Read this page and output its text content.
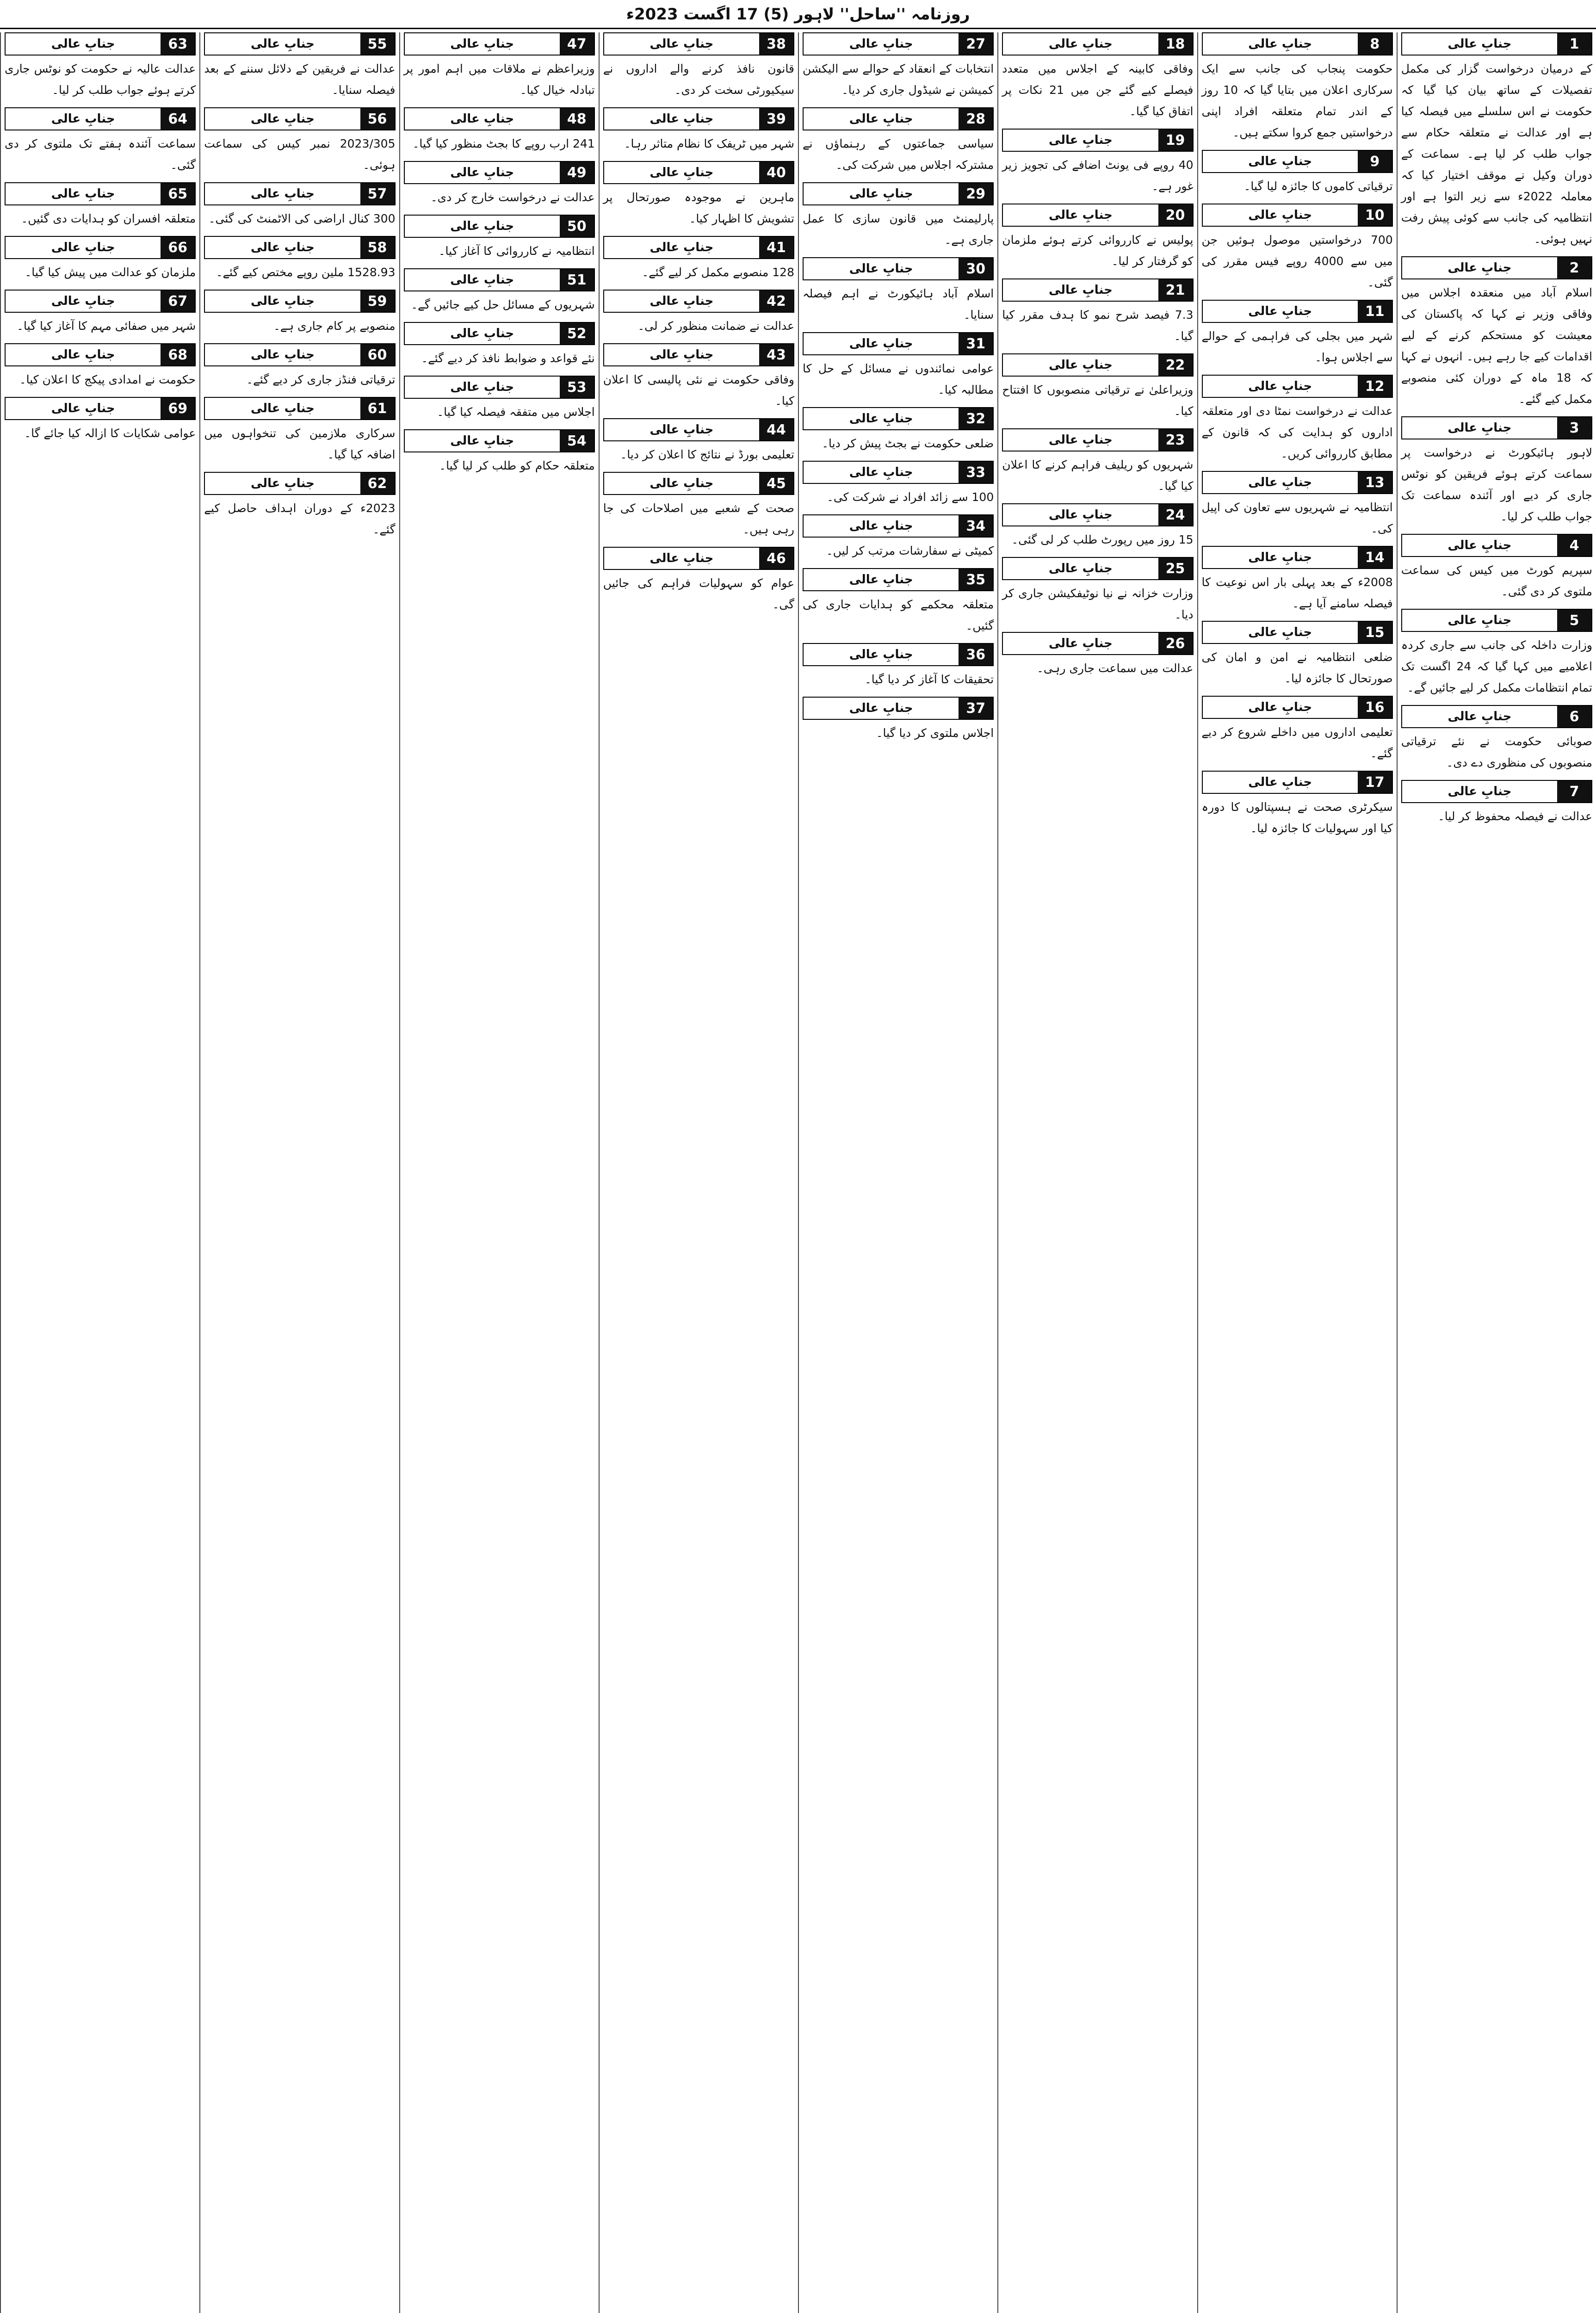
روزنامہ ''ساحل'' لاہور (5) 17 اگست 2023ء
1
جنابِ عالی
کے درمیان درخواست گزار کی مکمل تفصیلات کے ساتھ بیان کیا گیا کہ حکومت نے اس سلسلے میں فیصلہ کیا ہے اور عدالت نے متعلقہ حکام سے جواب طلب کر لیا ہے۔ سماعت کے دوران وکیل نے موقف اختیار کیا کہ معاملہ 2022ء سے زیر التوا ہے اور انتظامیہ کی جانب سے کوئی پیش رفت نہیں ہوئی۔
2
جنابِ عالی
اسلام آباد میں منعقدہ اجلاس میں وفاقی وزیر نے کہا کہ پاکستان کی معیشت کو مستحکم کرنے کے لیے اقدامات کیے جا رہے ہیں۔ انہوں نے کہا کہ 18 ماہ کے دوران کئی منصوبے مکمل کیے گئے۔
3
جنابِ عالی
لاہور ہائیکورٹ نے درخواست پر سماعت کرتے ہوئے فریقین کو نوٹس جاری کر دیے اور آئندہ سماعت تک جواب طلب کر لیا۔
4
جنابِ عالی
سپریم کورٹ میں کیس کی سماعت ملتوی کر دی گئی۔
5
جنابِ عالی
وزارت داخلہ کی جانب سے جاری کردہ اعلامیے میں کہا گیا کہ 24 اگست تک تمام انتظامات مکمل کر لیے جائیں گے۔
6
جنابِ عالی
صوبائی حکومت نے نئے ترقیاتی منصوبوں کی منظوری دے دی۔
7
جنابِ عالی
عدالت نے فیصلہ محفوظ کر لیا۔
8
جنابِ عالی
حکومت پنجاب کی جانب سے ایک سرکاری اعلان میں بتایا گیا کہ 10 روز کے اندر تمام متعلقہ افراد اپنی درخواستیں جمع کروا سکتے ہیں۔
9
جنابِ عالی
ترقیاتی کاموں کا جائزہ لیا گیا۔
10
جنابِ عالی
700 درخواستیں موصول ہوئیں جن میں سے 4000 روپے فیس مقرر کی گئی۔
11
جنابِ عالی
شہر میں بجلی کی فراہمی کے حوالے سے اجلاس ہوا۔
12
جنابِ عالی
عدالت نے درخواست نمٹا دی اور متعلقہ اداروں کو ہدایت کی کہ قانون کے مطابق کارروائی کریں۔
13
جنابِ عالی
انتظامیہ نے شہریوں سے تعاون کی اپیل کی۔
14
جنابِ عالی
2008ء کے بعد پہلی بار اس نوعیت کا فیصلہ سامنے آیا ہے۔
15
جنابِ عالی
ضلعی انتظامیہ نے امن و امان کی صورتحال کا جائزہ لیا۔
16
جنابِ عالی
تعلیمی اداروں میں داخلے شروع کر دیے گئے۔
17
جنابِ عالی
سیکرٹری صحت نے ہسپتالوں کا دورہ کیا اور سہولیات کا جائزہ لیا۔
18
جنابِ عالی
وفاقی کابینہ کے اجلاس میں متعدد فیصلے کیے گئے جن میں 21 نکات پر اتفاق کیا گیا۔
19
جنابِ عالی
40 روپے فی یونٹ اضافے کی تجویز زیر غور ہے۔
20
جنابِ عالی
پولیس نے کارروائی کرتے ہوئے ملزمان کو گرفتار کر لیا۔
21
جنابِ عالی
7.3 فیصد شرح نمو کا ہدف مقرر کیا گیا۔
22
جنابِ عالی
وزیراعلیٰ نے ترقیاتی منصوبوں کا افتتاح کیا۔
23
جنابِ عالی
شہریوں کو ریلیف فراہم کرنے کا اعلان کیا گیا۔
24
جنابِ عالی
15 روز میں رپورٹ طلب کر لی گئی۔
25
جنابِ عالی
وزارت خزانہ نے نیا نوٹیفکیشن جاری کر دیا۔
26
جنابِ عالی
عدالت میں سماعت جاری رہی۔
27
جنابِ عالی
انتخابات کے انعقاد کے حوالے سے الیکشن کمیشن نے شیڈول جاری کر دیا۔
28
جنابِ عالی
سیاسی جماعتوں کے رہنماؤں نے مشترکہ اجلاس میں شرکت کی۔
29
جنابِ عالی
پارلیمنٹ میں قانون سازی کا عمل جاری ہے۔
30
جنابِ عالی
اسلام آباد ہائیکورٹ نے اہم فیصلہ سنایا۔
31
جنابِ عالی
عوامی نمائندوں نے مسائل کے حل کا مطالبہ کیا۔
32
جنابِ عالی
ضلعی حکومت نے بجٹ پیش کر دیا۔
33
جنابِ عالی
100 سے زائد افراد نے شرکت کی۔
34
جنابِ عالی
کمیٹی نے سفارشات مرتب کر لیں۔
35
جنابِ عالی
متعلقہ محکمے کو ہدایات جاری کی گئیں۔
36
جنابِ عالی
تحقیقات کا آغاز کر دیا گیا۔
37
جنابِ عالی
اجلاس ملتوی کر دیا گیا۔
38
جنابِ عالی
قانون نافذ کرنے والے اداروں نے سیکیورٹی سخت کر دی۔
39
جنابِ عالی
شہر میں ٹریفک کا نظام متاثر رہا۔
40
جنابِ عالی
ماہرین نے موجودہ صورتحال پر تشویش کا اظہار کیا۔
41
جنابِ عالی
128 منصوبے مکمل کر لیے گئے۔
42
جنابِ عالی
عدالت نے ضمانت منظور کر لی۔
43
جنابِ عالی
وفاقی حکومت نے نئی پالیسی کا اعلان کیا۔
44
جنابِ عالی
تعلیمی بورڈ نے نتائج کا اعلان کر دیا۔
45
جنابِ عالی
صحت کے شعبے میں اصلاحات کی جا رہی ہیں۔
46
جنابِ عالی
عوام کو سہولیات فراہم کی جائیں گی۔
47
جنابِ عالی
وزیراعظم نے ملاقات میں اہم امور پر تبادلہ خیال کیا۔
48
جنابِ عالی
241 ارب روپے کا بجٹ منظور کیا گیا۔
49
جنابِ عالی
عدالت نے درخواست خارج کر دی۔
50
جنابِ عالی
انتظامیہ نے کارروائی کا آغاز کیا۔
51
جنابِ عالی
شہریوں کے مسائل حل کیے جائیں گے۔
52
جنابِ عالی
نئے قواعد و ضوابط نافذ کر دیے گئے۔
53
جنابِ عالی
اجلاس میں متفقہ فیصلہ کیا گیا۔
54
جنابِ عالی
متعلقہ حکام کو طلب کر لیا گیا۔
55
جنابِ عالی
عدالت نے فریقین کے دلائل سننے کے بعد فیصلہ سنایا۔
56
جنابِ عالی
2023/305 نمبر کیس کی سماعت ہوئی۔
57
جنابِ عالی
300 کنال اراضی کی الاٹمنٹ کی گئی۔
58
جنابِ عالی
1528.93 ملین روپے مختص کیے گئے۔
59
جنابِ عالی
منصوبے پر کام جاری ہے۔
60
جنابِ عالی
ترقیاتی فنڈز جاری کر دیے گئے۔
61
جنابِ عالی
سرکاری ملازمین کی تنخواہوں میں اضافہ کیا گیا۔
62
جنابِ عالی
2023ء کے دوران اہداف حاصل کیے گئے۔
63
جنابِ عالی
عدالت عالیہ نے حکومت کو نوٹس جاری کرتے ہوئے جواب طلب کر لیا۔
64
جنابِ عالی
سماعت آئندہ ہفتے تک ملتوی کر دی گئی۔
65
جنابِ عالی
متعلقہ افسران کو ہدایات دی گئیں۔
66
جنابِ عالی
ملزمان کو عدالت میں پیش کیا گیا۔
67
جنابِ عالی
شہر میں صفائی مہم کا آغاز کیا گیا۔
68
جنابِ عالی
حکومت نے امدادی پیکج کا اعلان کیا۔
69
جنابِ عالی
عوامی شکایات کا ازالہ کیا جائے گا۔
